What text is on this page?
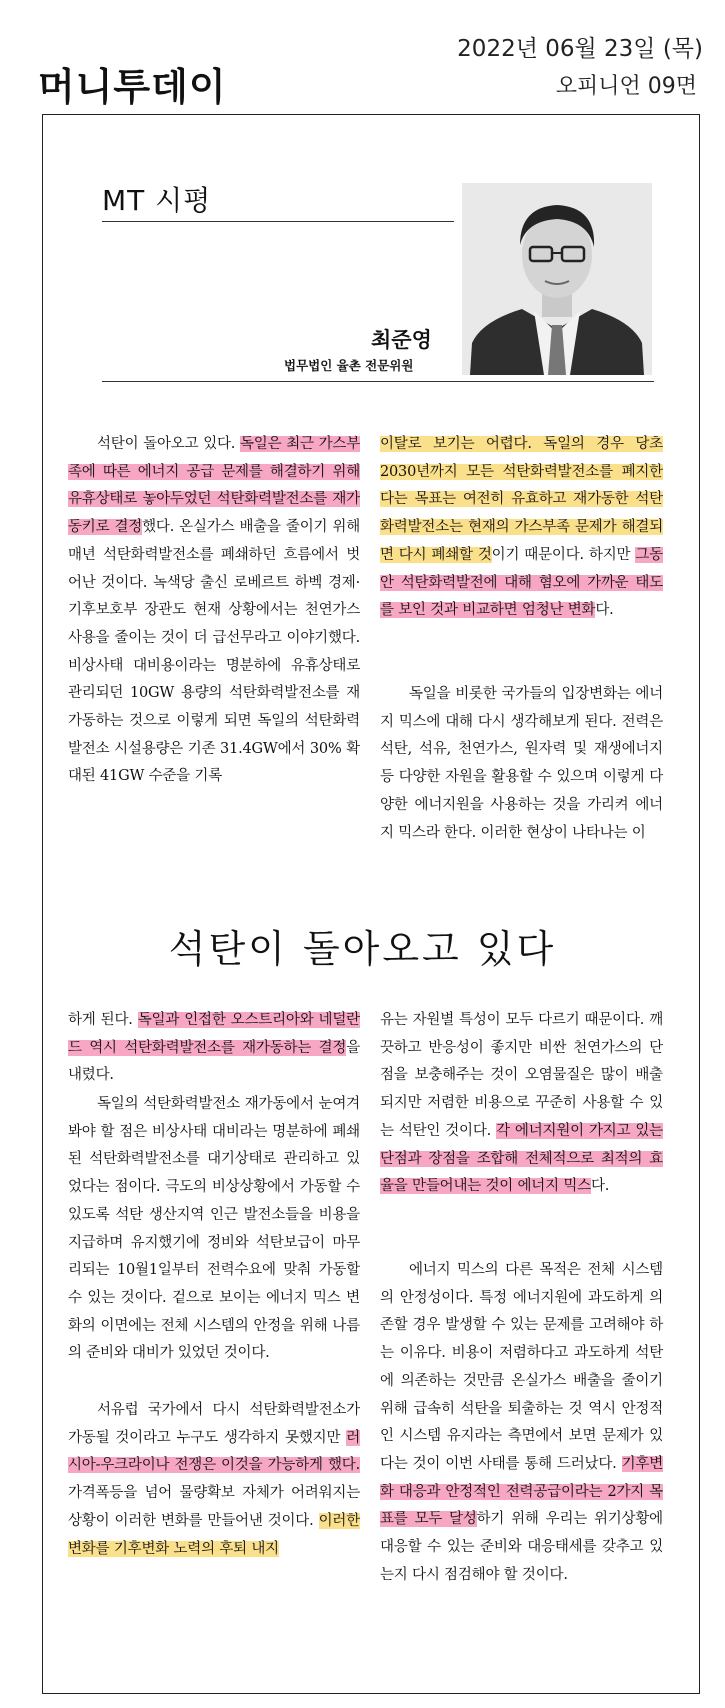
머니투데이
2022년 06월 23일 (목)
오피니언 09면
MT 시평
최준영
법무법인 율촌 전문위원
석탄이 돌아오고 있다. 독일은 최근 가스부족에 따른 에너지 공급 문제를 해결하기 위해 유휴상태로 놓아두었던 석탄화력발전소를 재가동키로 결정했다. 온실가스 배출을 줄이기 위해 매년 석탄화력발전소를 폐쇄하던 흐름에서 벗어난 것이다. 녹색당 출신 로베르트 하벡 경제·기후보호부 장관도 현재 상황에서는 천연가스 사용을 줄이는 것이 더 급선무라고 이야기했다. 비상사태 대비용이라는 명분하에 유휴상태로 관리되던 10GW 용량의 석탄화력발전소를 재가동하는 것으로 이렇게 되면 독일의 석탄화력발전소 시설용량은 기존 31.4GW에서 30% 확대된 41GW 수준을 기록
이탈로 보기는 어렵다. 독일의 경우 당초 2030년까지 모든 석탄화력발전소를 폐지한다는 목표는 여전히 유효하고 재가동한 석탄화력발전소는 현재의 가스부족 문제가 해결되면 다시 폐쇄할 것이기 때문이다. 하지만 그동안 석탄화력발전에 대해 혐오에 가까운 태도를 보인 것과 비교하면 엄청난 변화다.
독일을 비롯한 국가들의 입장변화는 에너지 믹스에 대해 다시 생각해보게 된다. 전력은 석탄, 석유, 천연가스, 원자력 및 재생에너지 등 다양한 자원을 활용할 수 있으며 이렇게 다양한 에너지원을 사용하는 것을 가리켜 에너지 믹스라 한다. 이러한 현상이 나타나는 이
석탄이 돌아오고 있다
하게 된다. 독일과 인접한 오스트리아와 네덜란드 역시 석탄화력발전소를 재가동하는 결정을 내렸다.
독일의 석탄화력발전소 재가동에서 눈여겨봐야 할 점은 비상사태 대비라는 명분하에 폐쇄된 석탄화력발전소를 대기상태로 관리하고 있었다는 점이다. 극도의 비상상황에서 가동할 수 있도록 석탄 생산지역 인근 발전소들을 비용을 지급하며 유지했기에 정비와 석탄보급이 마무리되는 10월1일부터 전력수요에 맞춰 가동할 수 있는 것이다. 겉으로 보이는 에너지 믹스 변화의 이면에는 전체 시스템의 안정을 위해 나름의 준비와 대비가 있었던 것이다.
서유럽 국가에서 다시 석탄화력발전소가 가동될 것이라고 누구도 생각하지 못했지만 러시아-우크라이나 전쟁은 이것을 가능하게 했다. 가격폭등을 넘어 물량확보 자체가 어려워지는 상황이 이러한 변화를 만들어낸 것이다. 이러한 변화를 기후변화 노력의 후퇴 내지
유는 자원별 특성이 모두 다르기 때문이다. 깨끗하고 반응성이 좋지만 비싼 천연가스의 단점을 보충해주는 것이 오염물질은 많이 배출되지만 저렴한 비용으로 꾸준히 사용할 수 있는 석탄인 것이다. 각 에너지원이 가지고 있는 단점과 장점을 조합해 전체적으로 최적의 효율을 만들어내는 것이 에너지 믹스다.
에너지 믹스의 다른 목적은 전체 시스템의 안정성이다. 특정 에너지원에 과도하게 의존할 경우 발생할 수 있는 문제를 고려해야 하는 이유다. 비용이 저렴하다고 과도하게 석탄에 의존하는 것만큼 온실가스 배출을 줄이기 위해 급속히 석탄을 퇴출하는 것 역시 안정적인 시스템 유지라는 측면에서 보면 문제가 있다는 것이 이번 사태를 통해 드러났다. 기후변화 대응과 안정적인 전력공급이라는 2가지 목표를 모두 달성하기 위해 우리는 위기상황에 대응할 수 있는 준비와 대응태세를 갖추고 있는지 다시 점검해야 할 것이다.
